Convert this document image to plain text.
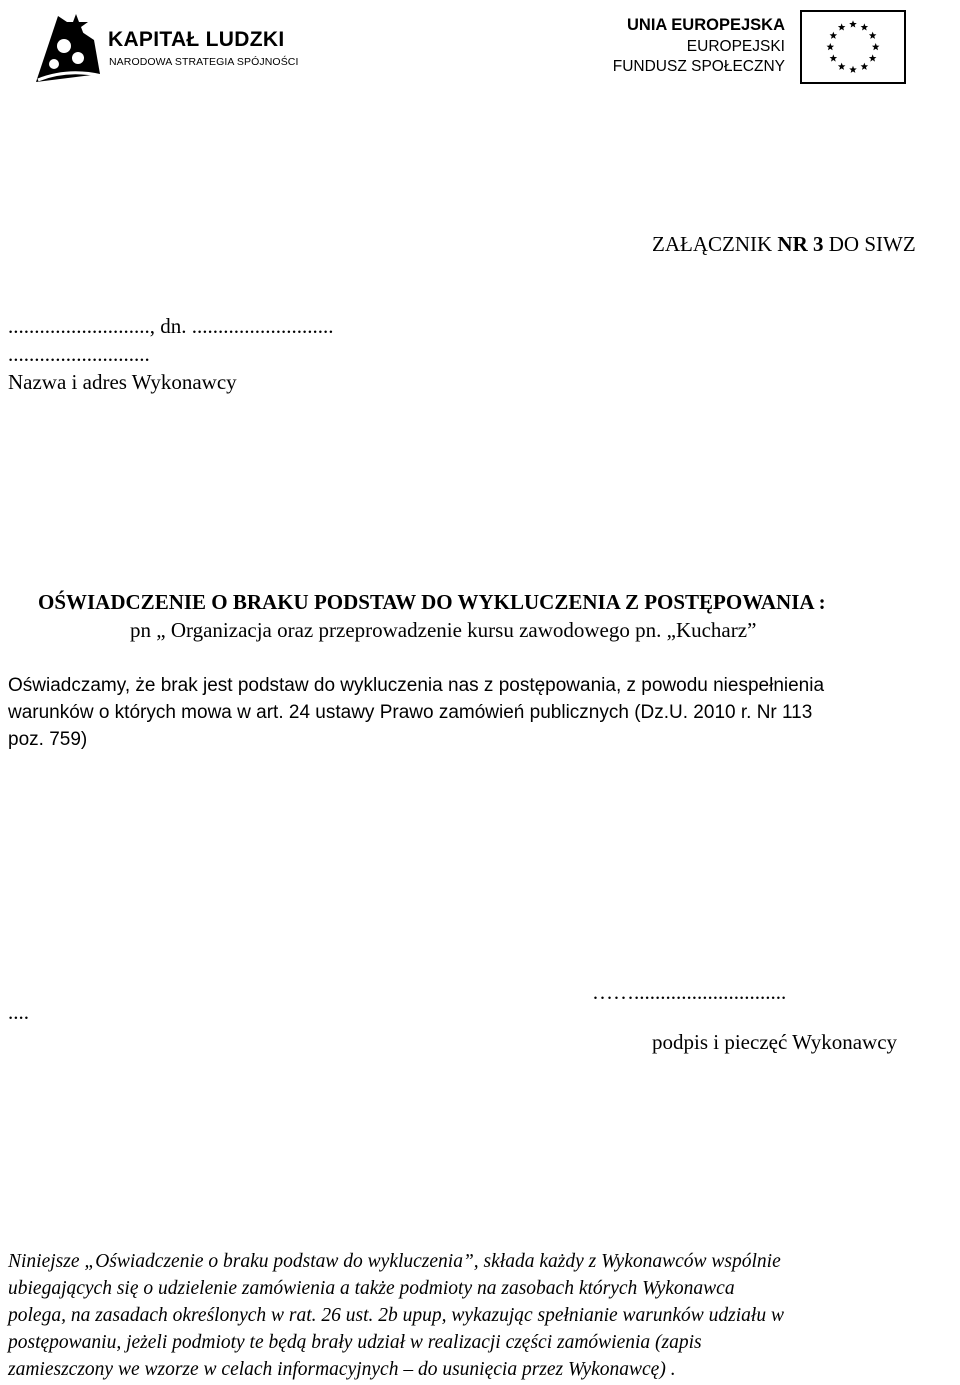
KAPITAŁ LUDZKI
NARODOWA STRATEGIA SPÓJNOŚCI
UNIA EUROPEJSKA
EUROPEJSKI
FUNDUSZ SPOŁECZNY
ZAŁĄCZNIK NR 3 DO SIWZ
..........................., dn. ...........................
...........................
Nazwa i adres Wykonawcy
OŚWIADCZENIE O BRAKU PODSTAW DO WYKLUCZENIA Z POSTĘPOWANIA :
pn „ Organizacja oraz przeprowadzenie kursu zawodowego pn. „Kucharz”
Oświadczamy, że brak jest podstaw do wykluczenia nas z postępowania, z powodu niespełnienia
warunków o których mowa w art. 24 ustawy Prawo zamówień publicznych (Dz.U. 2010 r. Nr 113
poz. 759)
....
…….............................
podpis i pieczęć Wykonawcy
Niniejsze „Oświadczenie o braku podstaw do wykluczenia”, składa każdy z Wykonawców wspólnie
ubiegających się o udzielenie zamówienia a także podmioty na zasobach których Wykonawca
polega, na zasadach określonych w rat. 26 ust. 2b upup, wykazując spełnianie warunków udziału w
postępowaniu, jeżeli podmioty te będą brały udział w realizacji części zamówienia (zapis
zamieszczony we wzorze w celach informacyjnych – do usunięcia przez Wykonawcę) .
